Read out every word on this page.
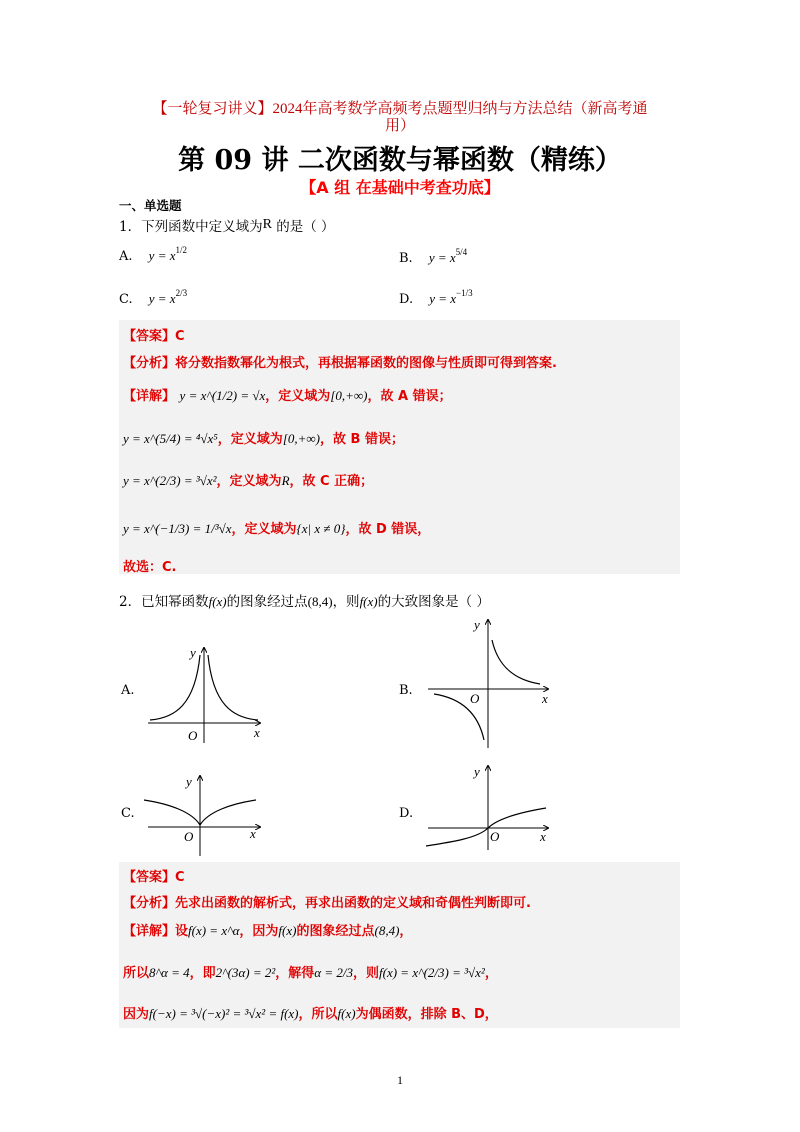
【一轮复习讲义】2024年高考数学高频考点题型归纳与方法总结（新高考通
用）
第 09 讲 二次函数与幂函数（精练）
【A 组 在基础中考查功底】
一、单选题
1．下列函数中定义域为R 的是（ ）
A. $y = x^{1/2}$
B. $y = x^{5/4}$
C. $y = x^{2/3}$	D. $y = x^{-1/3}$
【答案】C
【分析】将分数指数幂化为根式，再根据幂函数的图像与性质即可得到答案.
【详解】 y = x^(1/2) = √x，定义域为[0,+∞)，故 A 错误；
y = x^(5/4) = ⁴√x⁵，定义域为[0,+∞)，故 B 错误；
y = x^(2/3) = ³√x²，定义域为R，故 C 正确；
y = x^(−1/3) = 1/³√x，定义域为{x| x ≠ 0}，故 D 错误，
故选：C.
2．已知幂函数f(x)的图象经过点(8,4)，则f(x)的大致图象是（ ）
A.	B.
C.	D.
y
x
O
y
x
O
y
x
O
y
x
O
【答案】C
【分析】先求出函数的解析式，再求出函数的定义域和奇偶性判断即可.
【详解】设f(x) = x^α，因为f(x)的图象经过点(8,4)，
所以8^α = 4，即2^(3α) = 2²，解得α = 2/3，则f(x) = x^(2/3) = ³√x²，
因为f(−x) = ³√(−x)² = ³√x² = f(x)，所以f(x)为偶函数，排除 B、D，
1
